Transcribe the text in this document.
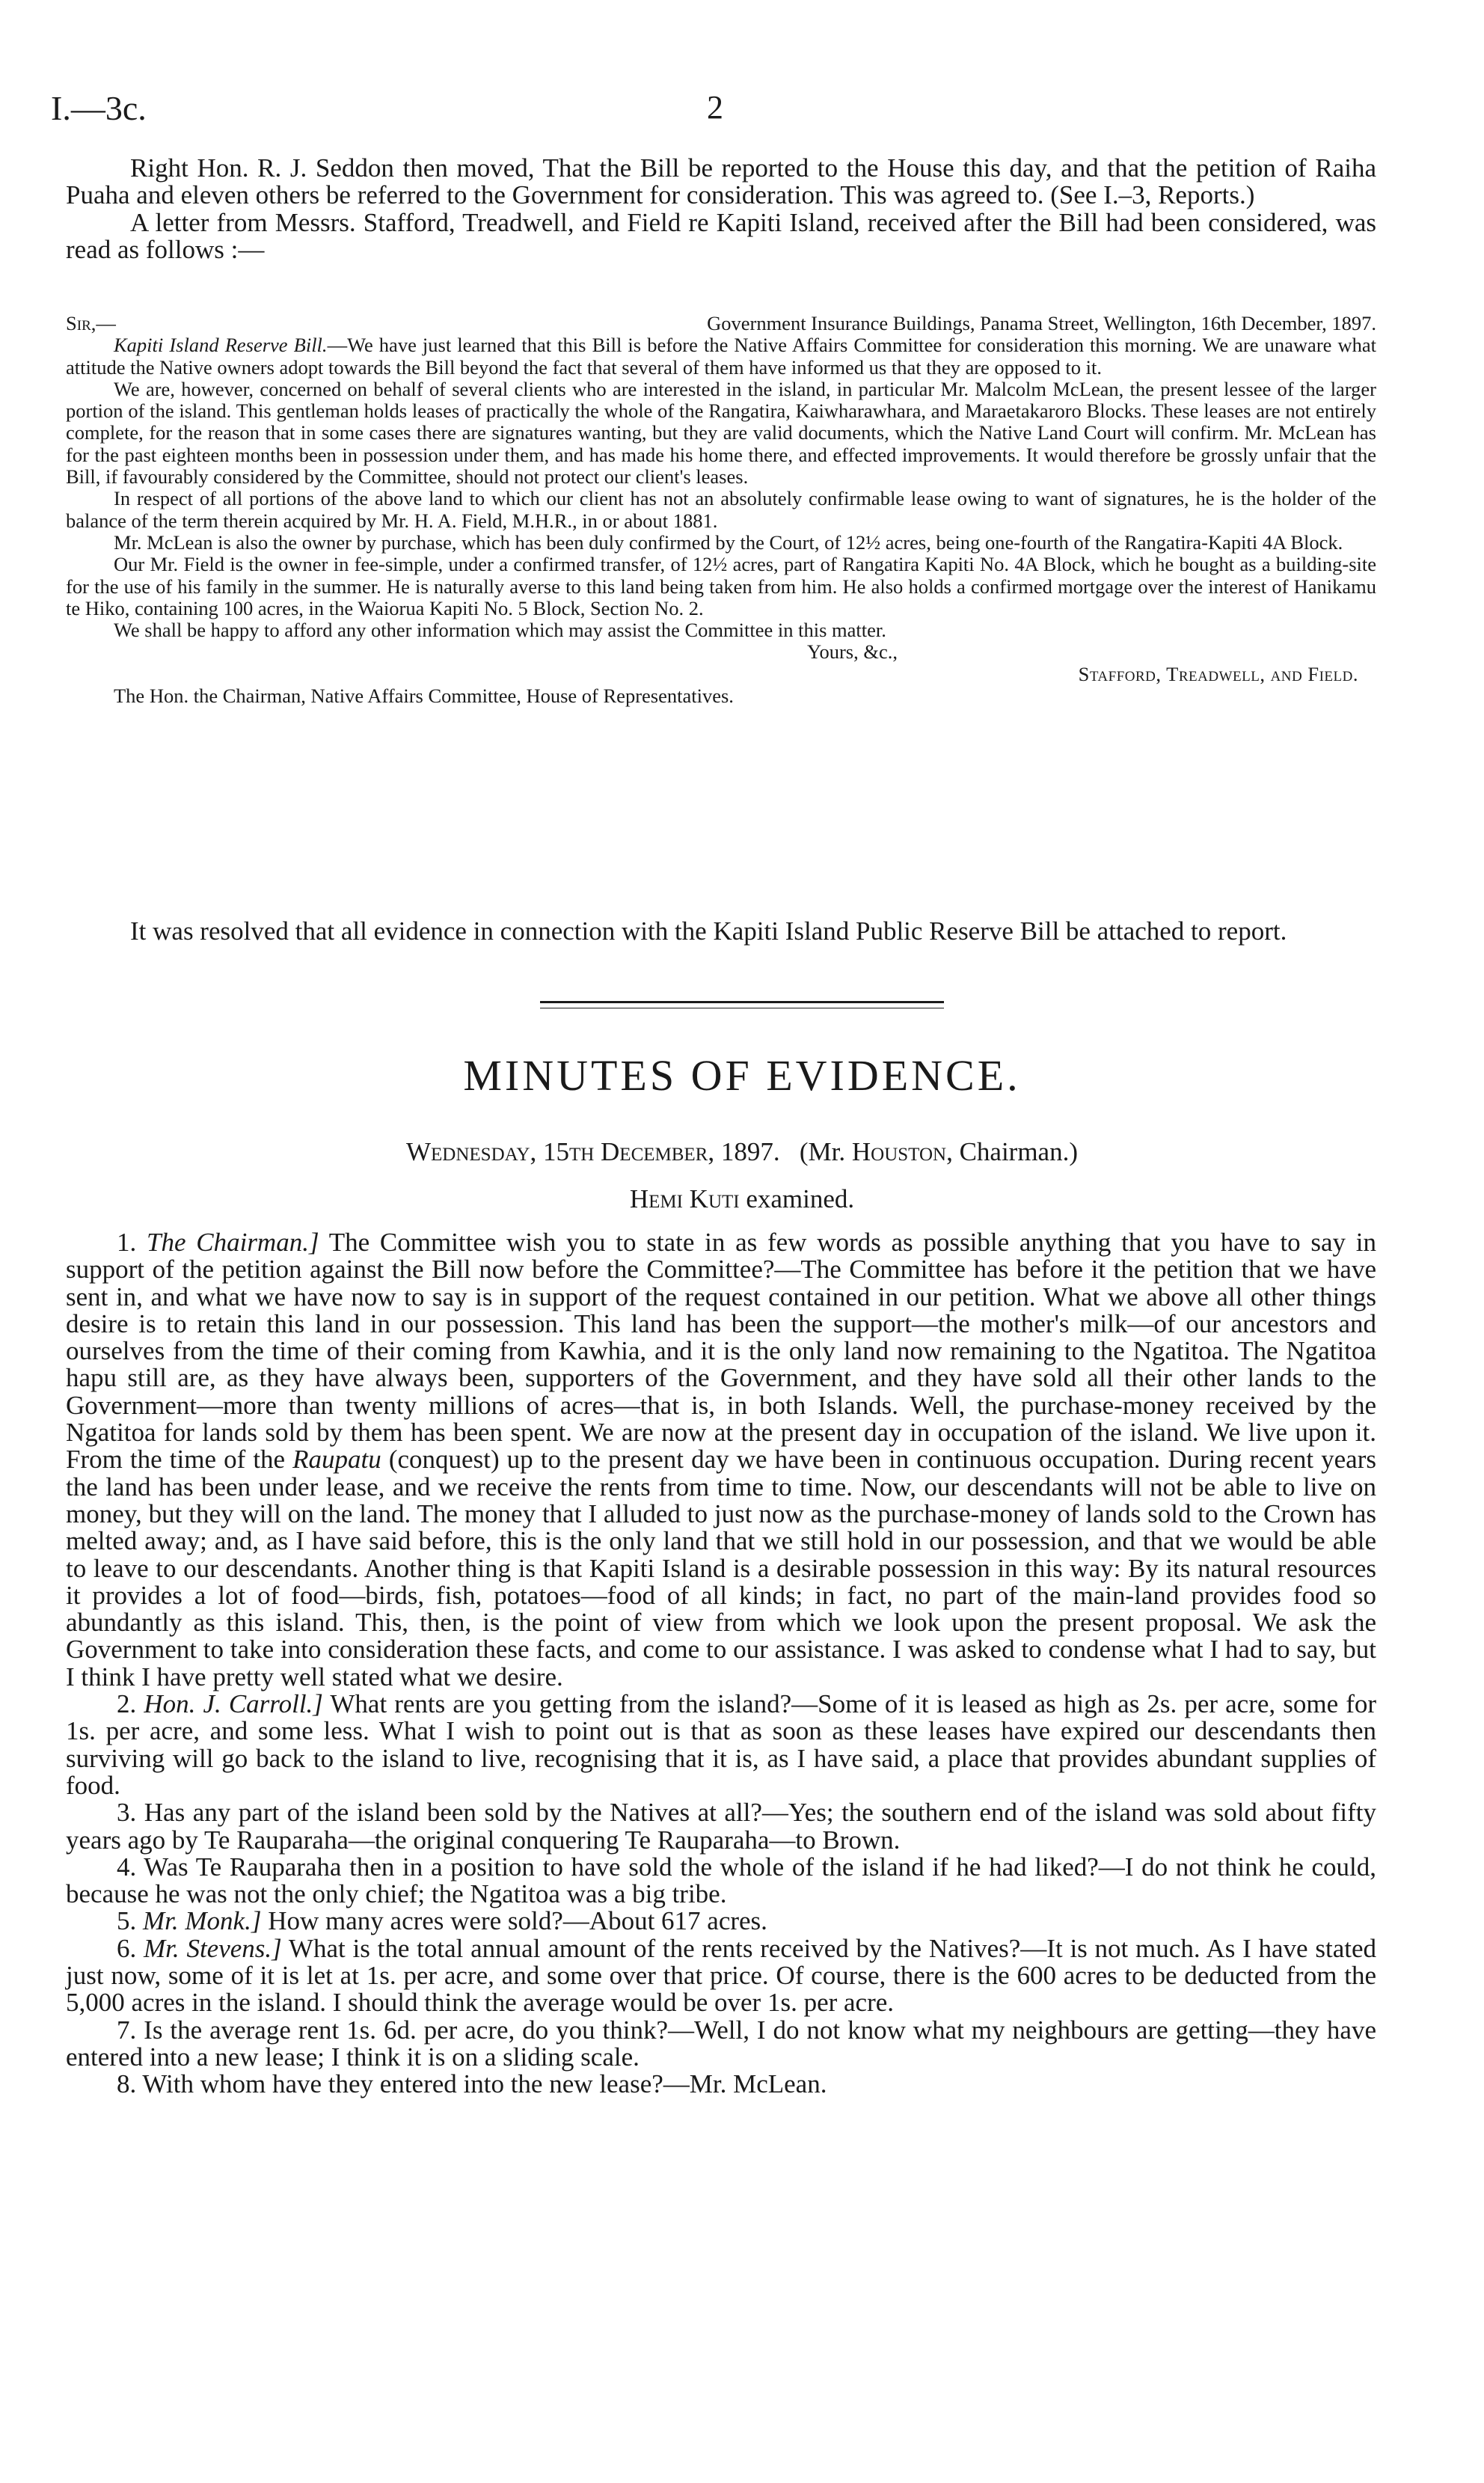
I.—3c.	2

Right Hon. R. J. Seddon then moved, That the Bill be reported to the House this day, and that the petition of Raiha Puaha and eleven others be referred to the Government for consideration. This was agreed to. (See I.–3, Reports.)

A letter from Messrs. Stafford, Treadwell, and Field re Kapiti Island, received after the Bill had been considered, was read as follows :—

Sir,—	Government Insurance Buildings, Panama Street, Wellington, 16th December, 1897.

Kapiti Island Reserve Bill.—We have just learned that this Bill is before the Native Affairs Committee for consideration this morning. We are unaware what attitude the Native owners adopt towards the Bill beyond the fact that several of them have informed us that they are opposed to it.

We are, however, concerned on behalf of several clients who are interested in the island, in particular Mr. Malcolm McLean, the present lessee of the larger portion of the island. This gentleman holds leases of practically the whole of the Rangatira, Kaiwharawhara, and Maraetakaroro Blocks. These leases are not entirely complete, for the reason that in some cases there are signatures wanting, but they are valid documents, which the Native Land Court will confirm. Mr. McLean has for the past eighteen months been in possession under them, and has made his home there, and effected improvements. It would therefore be grossly unfair that the Bill, if favourably considered by the Committee, should not protect our client's leases.

In respect of all portions of the above land to which our client has not an absolutely confirmable lease owing to want of signatures, he is the holder of the balance of the term therein acquired by Mr. H. A. Field, M.H.R., in or about 1881.

Mr. McLean is also the owner by purchase, which has been duly confirmed by the Court, of 12½ acres, being one-fourth of the Rangatira-Kapiti 4A Block.

Our Mr. Field is the owner in fee-simple, under a confirmed transfer, of 12½ acres, part of Rangatira Kapiti No. 4A Block, which he bought as a building-site for the use of his family in the summer. He is naturally averse to this land being taken from him. He also holds a confirmed mortgage over the interest of Hanikamu te Hiko, containing 100 acres, in the Waiorua Kapiti No. 5 Block, Section No. 2.

We shall be happy to afford any other information which may assist the Committee in this matter.

Yours, &c.,

Stafford, Treadwell, and Field.

The Hon. the Chairman, Native Affairs Committee, House of Representatives.

It was resolved that all evidence in connection with the Kapiti Island Public Reserve Bill be attached to report.

MINUTES OF EVIDENCE.

Wednesday, 15th December, 1897. (Mr. Houston, Chairman.)

Hemi Kuti examined.

1. The Chairman.] The Committee wish you to state in as few words as possible anything that you have to say in support of the petition against the Bill now before the Committee?—The Committee has before it the petition that we have sent in, and what we have now to say is in support of the request contained in our petition. What we above all other things desire is to retain this land in our possession. This land has been the support—the mother's milk—of our ancestors and ourselves from the time of their coming from Kawhia, and it is the only land now remaining to the Ngatitoa. The Ngatitoa hapu still are, as they have always been, supporters of the Government, and they have sold all their other lands to the Government—more than twenty millions of acres—that is, in both Islands. Well, the purchase-money received by the Ngatitoa for lands sold by them has been spent. We are now at the present day in occupation of the island. We live upon it. From the time of the Raupatu (conquest) up to the present day we have been in continuous occupation. During recent years the land has been under lease, and we receive the rents from time to time. Now, our descendants will not be able to live on money, but they will on the land. The money that I alluded to just now as the purchase-money of lands sold to the Crown has melted away; and, as I have said before, this is the only land that we still hold in our possession, and that we would be able to leave to our descendants. Another thing is that Kapiti Island is a desirable possession in this way: By its natural resources it provides a lot of food—birds, fish, potatoes—food of all kinds; in fact, no part of the main-land provides food so abundantly as this island. This, then, is the point of view from which we look upon the present proposal. We ask the Government to take into consideration these facts, and come to our assistance. I was asked to condense what I had to say, but I think I have pretty well stated what we desire.

2. Hon. J. Carroll.] What rents are you getting from the island?—Some of it is leased as high as 2s. per acre, some for 1s. per acre, and some less. What I wish to point out is that as soon as these leases have expired our descendants then surviving will go back to the island to live, recognising that it is, as I have said, a place that provides abundant supplies of food.

3. Has any part of the island been sold by the Natives at all?—Yes; the southern end of the island was sold about fifty years ago by Te Rauparaha—the original conquering Te Rauparaha—to Brown.

4. Was Te Rauparaha then in a position to have sold the whole of the island if he had liked?—I do not think he could, because he was not the only chief; the Ngatitoa was a big tribe.

5. Mr. Monk.] How many acres were sold?—About 617 acres.

6. Mr. Stevens.] What is the total annual amount of the rents received by the Natives?—It is not much. As I have stated just now, some of it is let at 1s. per acre, and some over that price. Of course, there is the 600 acres to be deducted from the 5,000 acres in the island. I should think the average would be over 1s. per acre.

7. Is the average rent 1s. 6d. per acre, do you think?—Well, I do not know what my neighbours are getting—they have entered into a new lease; I think it is on a sliding scale.

8. With whom have they entered into the new lease?—Mr. McLean.
